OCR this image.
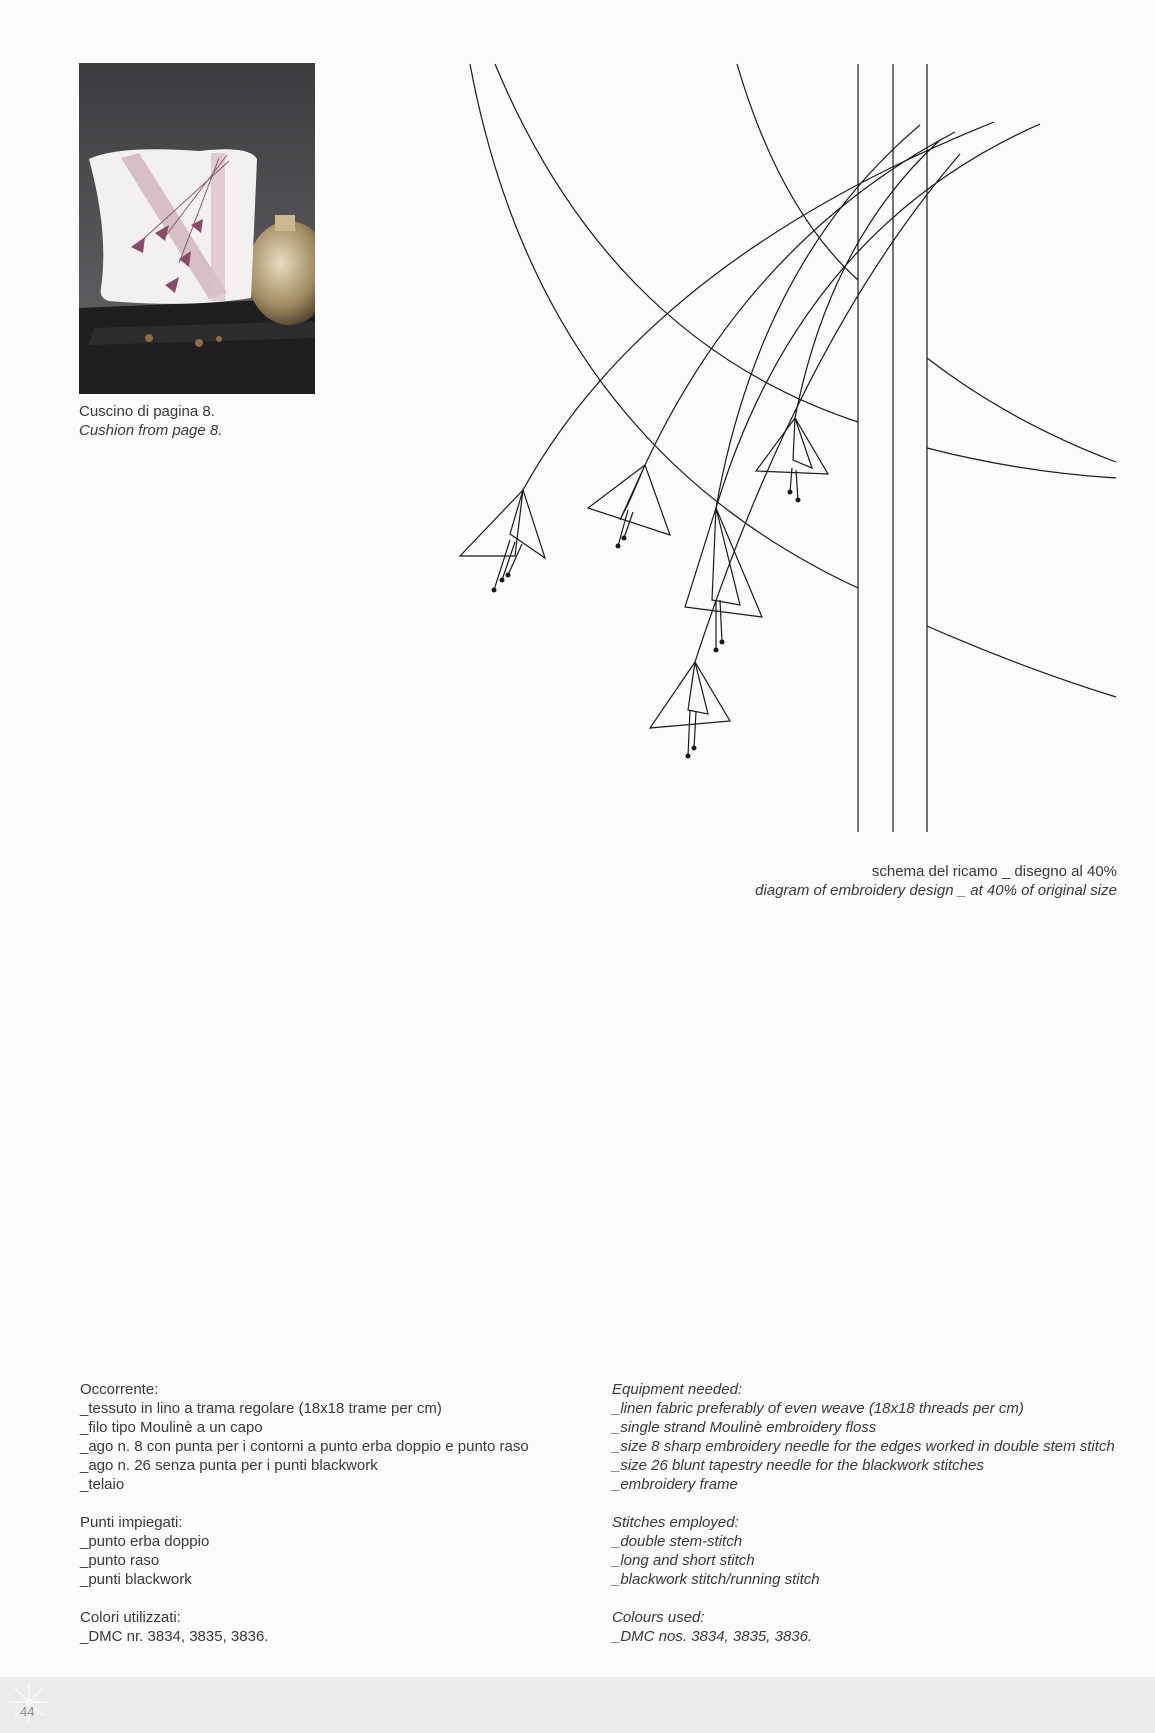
Cuscino di pagina 8.
Cushion from page 8.
schema del ricamo _ disegno al 40%
diagram of embroidery design _ at 40% of original size
Occorrente:
_tessuto in lino a trama regolare (18x18 trame per cm)
_filo tipo Moulinè a un capo
_ago n. 8 con punta per i contorni a punto erba doppio e punto raso
_ago n. 26 senza punta per i punti blackwork
_telaio
Punti impiegati:
_punto erba doppio
_punto raso
_punti blackwork
Colori utilizzati:
_DMC nr. 3834, 3835, 3836.
Equipment needed:
_linen fabric preferably of even weave (18x18 threads per cm)
_single strand Moulinè embroidery floss
_size 8 sharp embroidery needle for the edges worked in double stem stitch
_size 26 blunt tapestry needle for the blackwork stitches
_embroidery frame
Stitches employed:
_double stem-stitch
_long and short stitch
_blackwork stitch/running stitch
Colours used:
_DMC nos. 3834, 3835, 3836.
44
